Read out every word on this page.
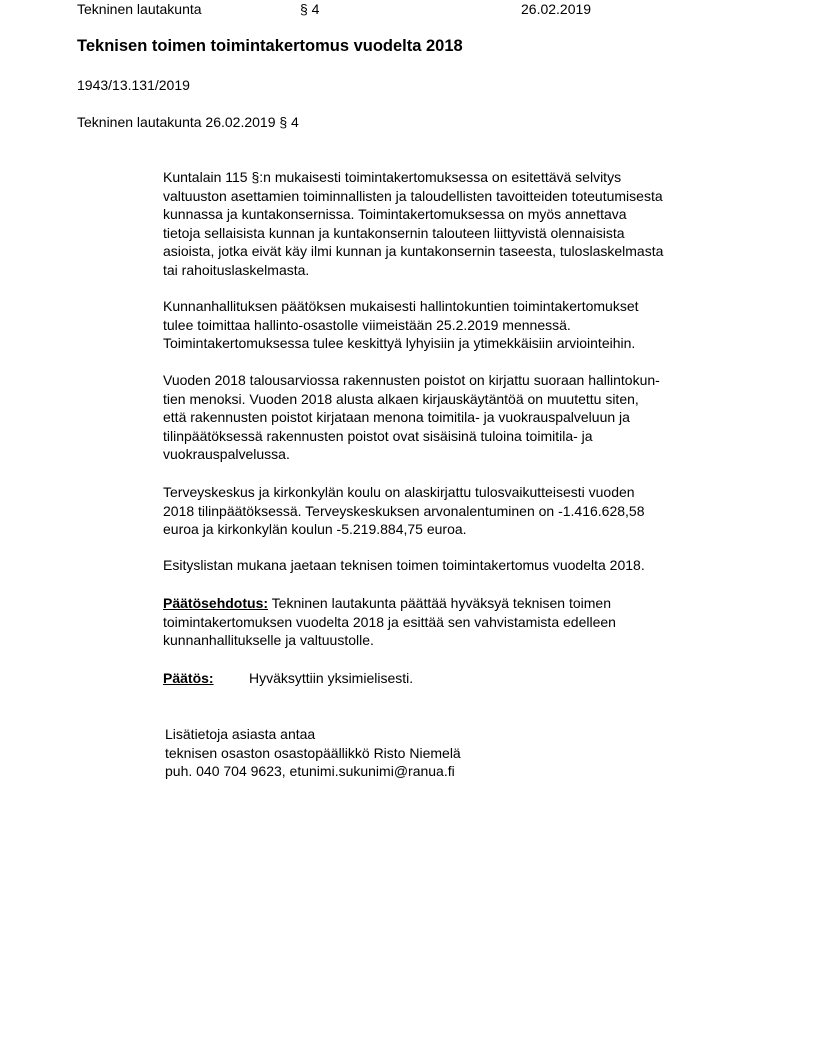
Tekninen lautakunta	§ 4	26.02.2019
Teknisen toimen toimintakertomus vuodelta 2018
1943/13.131/2019
Tekninen lautakunta 26.02.2019 § 4
Kuntalain 115 §:n mukaisesti toimintakertomuksessa on esitettävä selvitys
valtuuston asettamien toiminnallisten ja taloudellisten tavoitteiden toteutumisesta
kunnassa ja kuntakonsernissa. Toimintakertomuksessa on myös annettava
tietoja sellaisista kunnan ja kuntakonsernin talouteen liittyvistä olennaisista
asioista, jotka eivät käy ilmi kunnan ja kuntakonsernin taseesta, tuloslaskelmasta
tai rahoituslaskelmasta.
Kunnanhallituksen päätöksen mukaisesti hallintokuntien toimintakertomukset
tulee toimittaa hallinto-osastolle viimeistään 25.2.2019 mennessä.
Toimintakertomuksessa tulee keskittyä lyhyisiin ja ytimekkäisiin arviointeihin.
Vuoden 2018 talousarviossa rakennusten poistot on kirjattu suoraan hallintokun-
tien menoksi. Vuoden 2018 alusta alkaen kirjauskäytäntöä on muutettu siten,
että rakennusten poistot kirjataan menona toimitila- ja vuokrauspalveluun ja
tilinpäätöksessä rakennusten poistot ovat sisäisinä tuloina toimitila- ja
vuokrauspalvelussa.
Terveyskeskus ja kirkonkylän koulu on alaskirjattu tulosvaikutteisesti vuoden
2018 tilinpäätöksessä. Terveyskeskuksen arvonalentuminen on -1.416.628,58
euroa ja kirkonkylän koulun -5.219.884,75 euroa.
Esityslistan mukana jaetaan teknisen toimen toimintakertomus vuodelta 2018.
Päätösehdotus: Tekninen lautakunta päättää hyväksyä teknisen toimen
toimintakertomuksen vuodelta 2018 ja esittää sen vahvistamista edelleen
kunnanhallitukselle ja valtuustolle.
Päätös:	Hyväksyttiin yksimielisesti.
Lisätietoja asiasta antaa
teknisen osaston osastopäällikkö Risto Niemelä
puh. 040 704 9623, etunimi.sukunimi@ranua.fi
